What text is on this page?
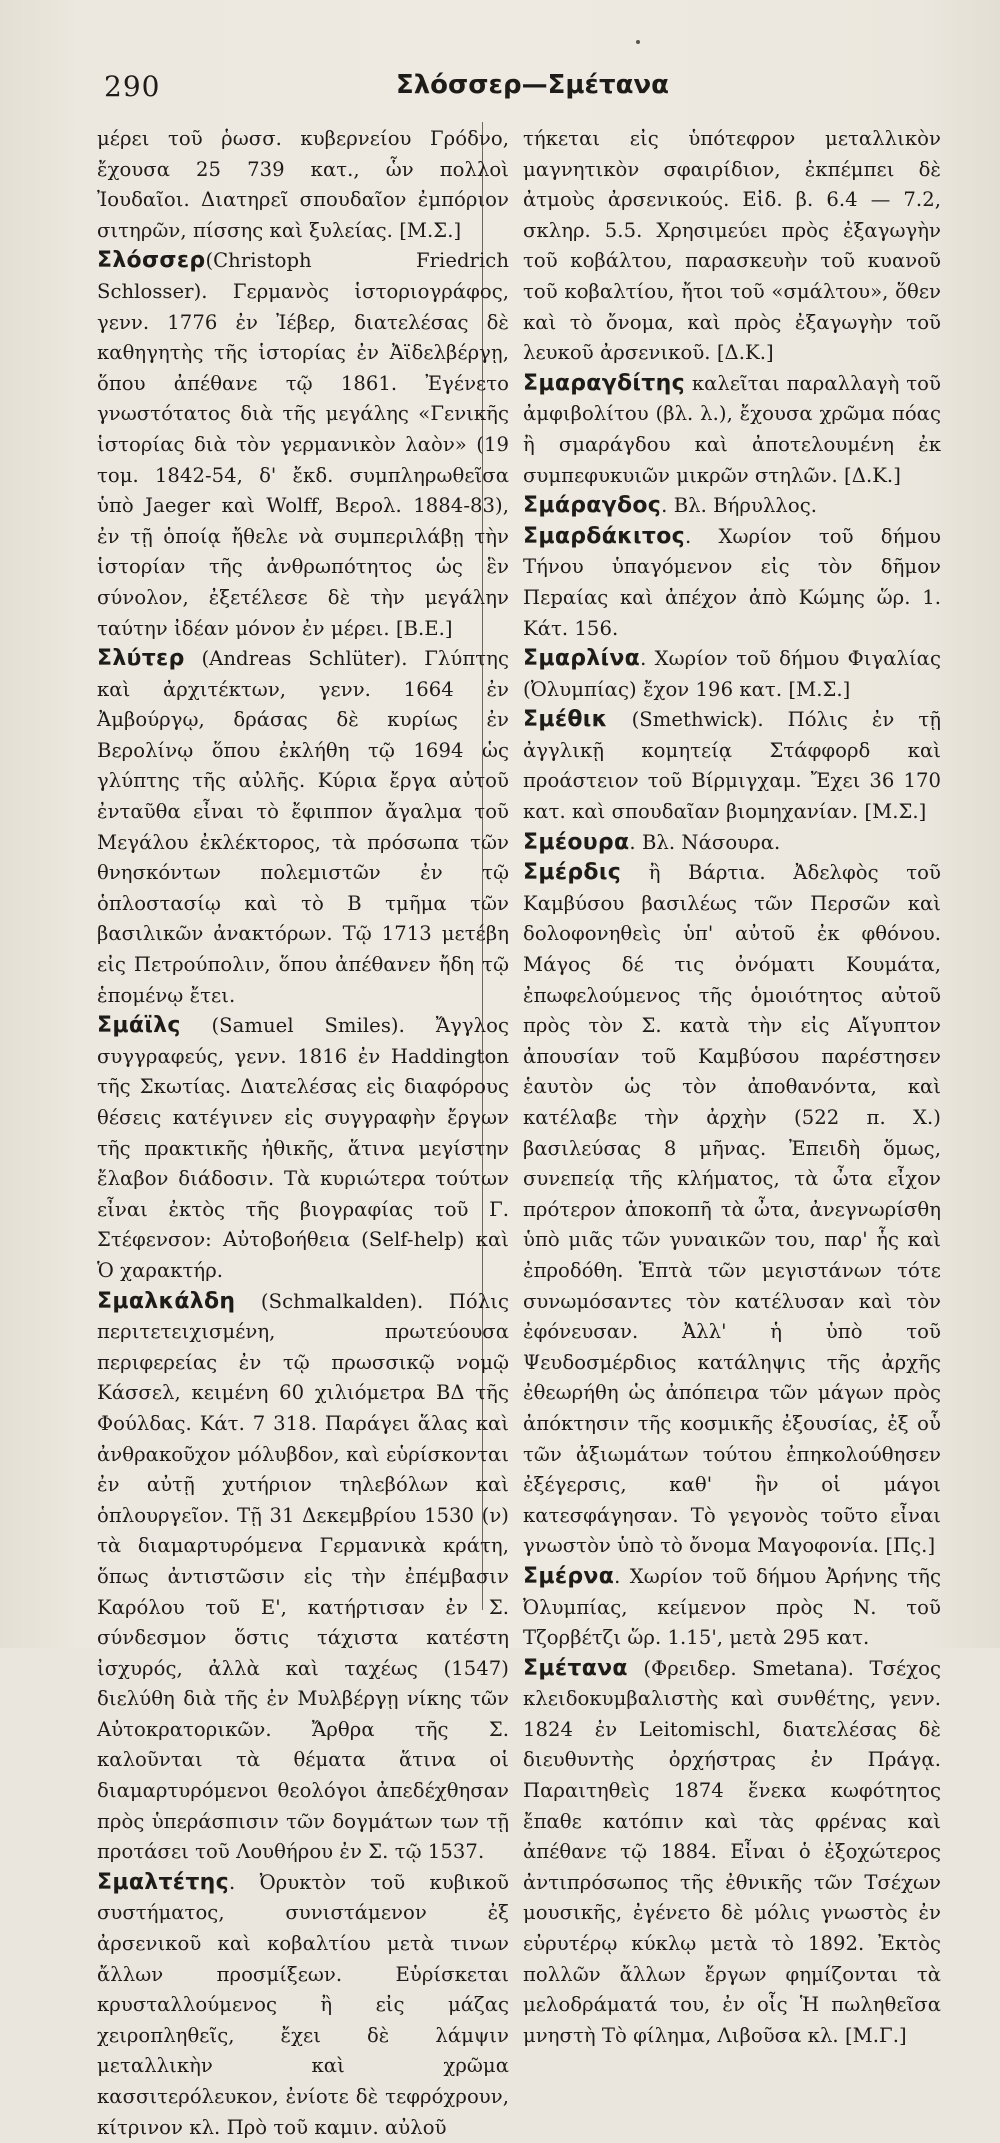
290	Σλόσσερ—Σμέτανα

μέρει τοῦ ῥωσσ. κυβερνείου Γρόδνο, ἔχουσα 25 739 κατ., ὧν πολλοὶ Ἰουδαῖοι. Διατηρεῖ σπουδαῖον ἐμπόριον σιτηρῶν, πίσσης καὶ ξυλείας. [Μ.Σ.]

Σλόσσερ(Christoph Friedrich Schlosser). Γερμανὸς ἱστοριογράφος, γενν. 1776 ἐν Ἰέβερ, διατελέσας δὲ καθηγητὴς τῆς ἱστορίας ἐν Ἀϊδελβέργῃ, ὅπου ἀπέθανε τῷ 1861. Ἐγένετο γνωστότατος διὰ τῆς μεγάλης «Γενικῆς ἱστορίας διὰ τὸν γερμανικὸν λαὸν» (19 τομ. 1842-54, δ' ἔκδ. συμπληρωθεῖσα ὑπὸ Jaeger καὶ Wolff, Βερολ. 1884-83), ἐν τῇ ὁποίᾳ ἤθελε νὰ συμπεριλάβῃ τὴν ἱστορίαν τῆς ἀνθρωπότητος ὡς ἓν σύνολον, ἐξετέλεσε δὲ τὴν μεγάλην ταύτην ἰδέαν μόνον ἐν μέρει. [Β.Ε.]

Σλύτερ (Andreas Schlüter). Γλύπτης καὶ ἀρχιτέκτων, γενν. 1664 ἐν Ἀμβούργῳ, δράσας δὲ κυρίως ἐν Βερολίνῳ ὅπου ἐκλήθη τῷ 1694 ὡς γλύπτης τῆς αὐλῆς. Κύρια ἔργα αὐτοῦ ἐνταῦθα εἶναι τὸ ἔφιππον ἄγαλμα τοῦ Μεγάλου ἐκλέκτορος, τὰ πρόσωπα τῶν θνησκόντων πολεμιστῶν ἐν τῷ ὁπλοστασίῳ καὶ τὸ Β τμῆμα τῶν βασιλικῶν ἀνακτόρων. Τῷ 1713 μετέβη εἰς Πετρούπολιν, ὅπου ἀπέθανεν ἤδη τῷ ἑπομένῳ ἔτει.

Σμάϊλς (Samuel Smiles). Ἄγγλος συγγραφεύς, γενν. 1816 ἐν Haddington τῆς Σκωτίας. Διατελέσας εἰς διαφόρους θέσεις κατέγινεν εἰς συγγραφὴν ἔργων τῆς πρακτικῆς ἠθικῆς, ἅτινα μεγίστην ἔλαβον διάδοσιν. Τὰ κυριώτερα τούτων εἶναι ἐκτὸς τῆς βιογραφίας τοῦ Γ. Στέφενσον: Αὐτοβοήθεια (Self-help) καὶ Ὁ χαρακτήρ.

Σμαλκάλδη (Schmalkalden). Πόλις περιτετειχισμένη, πρωτεύουσα περιφερείας ἐν τῷ πρωσσικῷ νομῷ Κάσσελ, κειμένη 60 χιλιόμετρα ΒΔ τῆς Φούλδας. Κάτ. 7 318. Παράγει ἅλας καὶ ἀνθρακοῦχον μόλυβδον, καὶ εὑρίσκονται ἐν αὐτῇ χυτήριον τηλεβόλων καὶ ὁπλουργεῖον. Τῇ 31 Δεκεμβρίου 1530 (ν) τὰ διαμαρτυρόμενα Γερμανικὰ κράτη, ὅπως ἀντιστῶσιν εἰς τὴν ἐπέμβασιν Καρόλου τοῦ Ε', κατήρτισαν ἐν Σ. σύνδεσμον ὅστις τάχιστα κατέστη ἰσχυρός, ἀλλὰ καὶ ταχέως (1547) διελύθη διὰ τῆς ἐν Μυλβέργῃ νίκης τῶν Αὐτοκρατορικῶν. Ἄρθρα τῆς Σ. καλοῦνται τὰ θέματα ἅτινα οἱ διαμαρτυρόμενοι θεολόγοι ἀπεδέχθησαν πρὸς ὑπεράσπισιν τῶν δογμάτων των τῇ προτάσει τοῦ Λουθήρου ἐν Σ. τῷ 1537.

Σμαλτέτης. Ὀρυκτὸν τοῦ κυβικοῦ συστήματος, συνιστάμενον ἐξ ἀρσενικοῦ καὶ κοβαλτίου μετὰ τινων ἄλλων προσμίξεων. Εὑρίσκεται κρυσταλλούμενος ἢ εἰς μάζας χειροπληθεῖς, ἔχει δὲ λάμψιν μεταλλικὴν καὶ χρῶμα κασσιτερόλευκον, ἐνίοτε δὲ τεφρόχρουν, κίτρινον κλ. Πρὸ τοῦ καμιν. αὐλοῦ

τήκεται εἰς ὑπότεφρον μεταλλικὸν μαγνητικὸν σφαιρίδιον, ἐκπέμπει δὲ ἀτμοὺς ἀρσενικούς. Εἰδ. β. 6.4 — 7.2, σκληρ. 5.5. Χρησιμεύει πρὸς ἐξαγωγὴν τοῦ κοβάλτου, παρασκευὴν τοῦ κυανοῦ τοῦ κοβαλτίου, ἤτοι τοῦ «σμάλτου», ὅθεν καὶ τὸ ὄνομα, καὶ πρὸς ἐξαγωγὴν τοῦ λευκοῦ ἀρσενικοῦ. [Δ.Κ.]

Σμαραγδίτης καλεῖται παραλλαγὴ τοῦ ἀμφιβολίτου (βλ. λ.), ἔχουσα χρῶμα πόας ἢ σμαράγδου καὶ ἀποτελουμένη ἐκ συμπεφυκυιῶν μικρῶν στηλῶν. [Δ.Κ.]

Σμάραγδος. Βλ. Βήρυλλος.

Σμαρδάκιτος. Χωρίον τοῦ δήμου Τήνου ὑπαγόμενον εἰς τὸν δῆμον Πεpαίας καὶ ἀπέχον ἀπὸ Κώμης ὥρ. 1. Κάτ. 156.

Σμαρλίνα. Χωρίον τοῦ δήμου Φιγαλίας (Ὀλυμπίας) ἔχον 196 κατ. [Μ.Σ.]

Σμέθικ (Smethwick). Πόλις ἐν τῇ ἀγγλικῇ κομητείᾳ Στάφφορδ καὶ προάστειον τοῦ Βίρμιγχαμ. Ἔχει 36 170 κατ. καὶ σπουδαῖαν βιομηχανίαν. [Μ.Σ.]

Σμέουρα. Βλ. Νάσουρα.

Σμέρδις ἢ Βάρτια. Ἀδελφὸς τοῦ Καμβύσου βασιλέως τῶν Περσῶν καὶ δολοφονηθεὶς ὑπ' αὐτοῦ ἐκ φθόνου. Μάγος δέ τις ὀνόματι Κουμάτα, ἐπωφελούμενος τῆς ὁμοιότητος αὐτοῦ πρὸς τὸν Σ. κατὰ τὴν εἰς Αἴγυπτον ἀπουσίαν τοῦ Καμβύσου παρέστησεν ἑαυτὸν ὡς τὸν ἀποθανόντα, καὶ κατέλαβε τὴν ἀρχὴν (522 π. Χ.) βασιλεύσας 8 μῆνας. Ἐπειδὴ ὅμως, συνεπείᾳ τῆς κλήματος, τὰ ὦτα εἶχον πρότερον ἀποκοπῆ τὰ ὦτα, ἀνεγνωρίσθη ὑπὸ μιᾶς τῶν γυναικῶν του, παρ' ἧς καὶ ἐπροδόθη. Ἑπτὰ τῶν μεγιστάνων τότε συνωμόσαντες τὸν κατέλυσαν καὶ τὸν ἐφόνευσαν. Ἀλλ' ἡ ὑπὸ τοῦ Ψευδοσμέρδιος κατάληψις τῆς ἀρχῆς ἐθεωρήθη ὡς ἀπόπειρα τῶν μάγων πρὸς ἀπόκτησιν τῆς κοσμικῆς ἐξουσίας, ἐξ οὗ τῶν ἀξιωμάτων τούτου ἐπηκολούθησεν ἐξέγερσις, καθ' ἣν οἱ μάγοι κατεσφάγησαν. Τὸ γεγονὸς τοῦτο εἶναι γνωστὸν ὑπὸ τὸ ὄνομα Μαγοφονία. [Πς.]

Σμέρνα. Χωρίον τοῦ δήμου Ἀρήνης τῆς Ὀλυμπίας, κείμενον πρὸς Ν. τοῦ Τζορβέτζι ὥρ. 1.15', μετὰ 295 κατ.

Σμέτανα (Φρειδερ. Smetana). Τσέχος κλειδοκυμβαλιστὴς καὶ συνθέτης, γενν. 1824 ἐν Leitomischl, διατελέσας δὲ διευθυντὴς ὀρχήστρας ἐν Πράγᾳ. Παραιτηθεὶς 1874 ἕνεκα κωφότητος ἔπαθε κατόπιν καὶ τὰς φρένας καὶ ἀπέθανε τῷ 1884. Εἶναι ὁ ἐξοχώτερος ἀντιπρόσωπος τῆς ἐθνικῆς τῶν Τσέχων μουσικῆς, ἐγένετο δὲ μόλις γνωστὸς ἐν εὐρυτέρῳ κύκλῳ μετὰ τὸ 1892. Ἐκτὸς πολλῶν ἄλλων ἔργων φημίζονται τὰ μελοδράματά του, ἐν οἷς Ἡ πωληθεῖσα μνηστὴ Τὸ φίλημα, Λιβοῦσα κλ. [Μ.Γ.]
